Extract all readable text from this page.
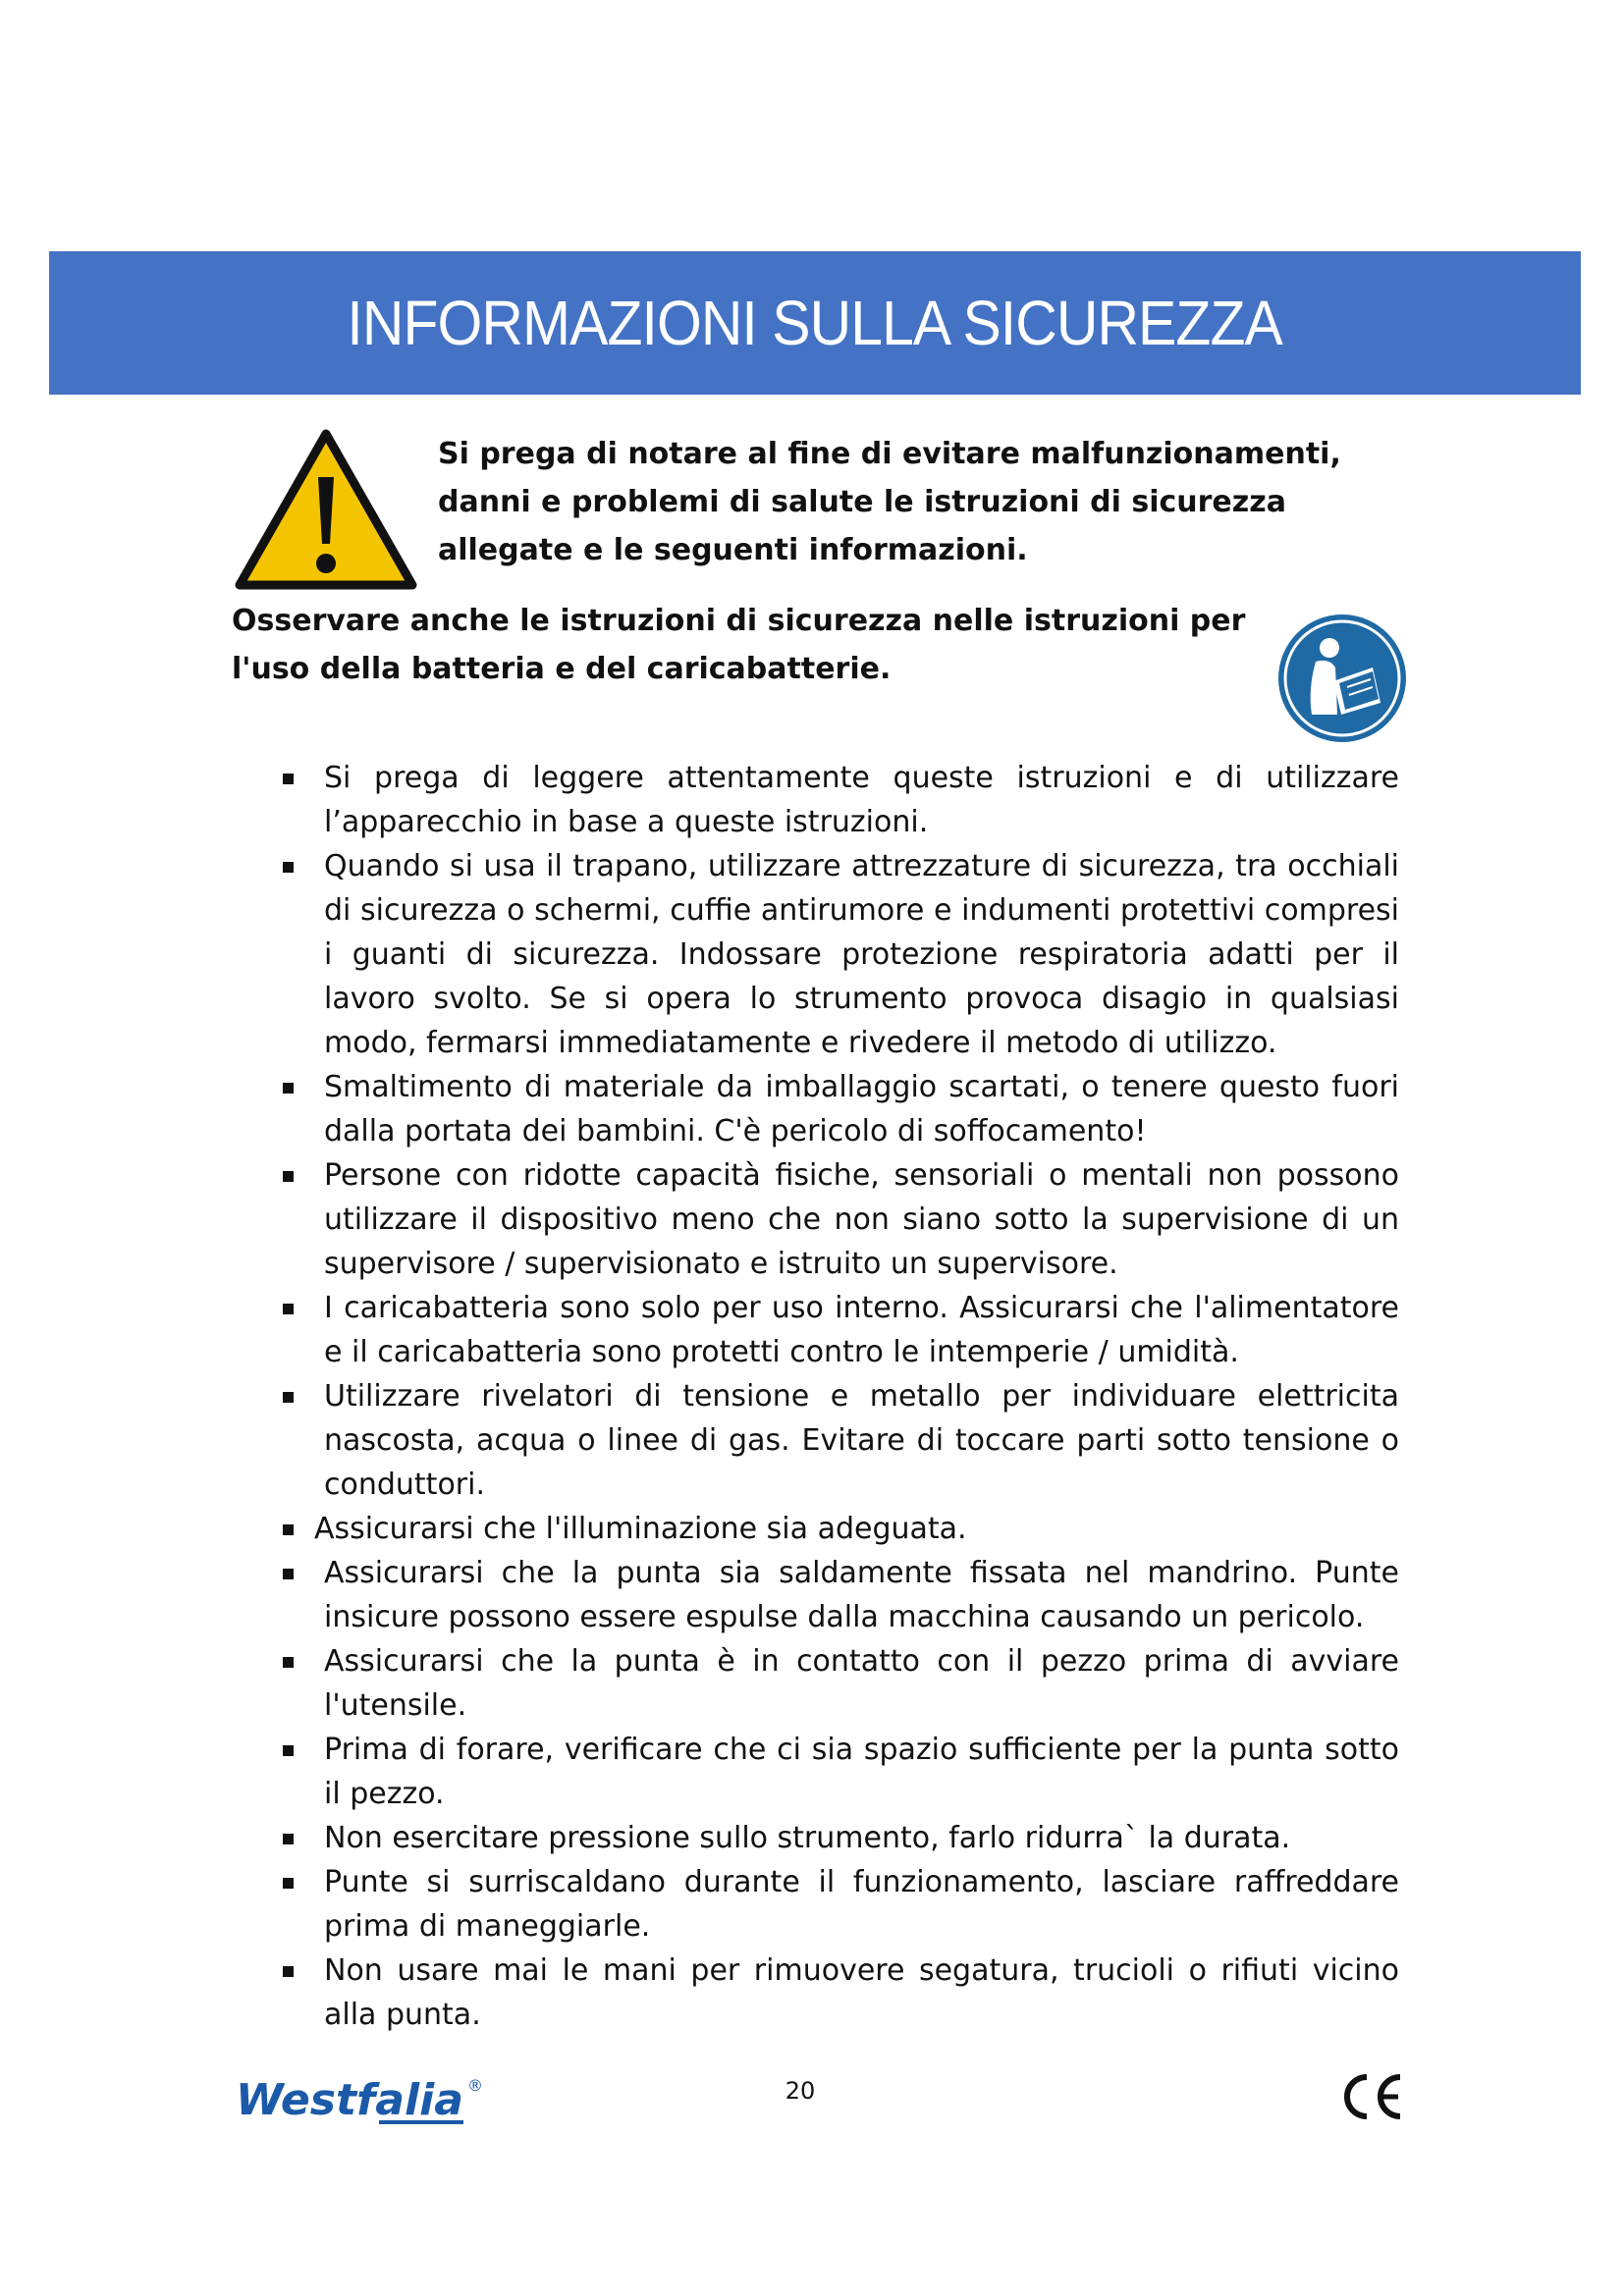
INFORMAZIONI SULLA SICUREZZA

Si prega di notare al fine di evitare malfunzionamenti, danni e problemi di salute le istruzioni di sicurezza allegate e le seguenti informazioni.

Osservare anche le istruzioni di sicurezza nelle istruzioni per l'uso della batteria e del caricabatterie.

Si prega di leggere attentamente queste istruzioni e di utilizzare l’apparecchio in base a queste istruzioni.
Quando si usa il trapano, utilizzare attrezzature di sicurezza, tra occhiali di sicurezza o schermi, cuffie antirumore e indumenti protettivi compresi i guanti di sicurezza. Indossare protezione respiratoria adatti per il lavoro svolto. Se si opera lo strumento provoca disagio in qualsiasi modo, fermarsi immediatamente e rivedere il metodo di utilizzo.
Smaltimento di materiale da imballaggio scartati, o tenere questo fuori dalla portata dei bambini. C'è pericolo di soffocamento!
Persone con ridotte capacità fisiche, sensoriali o mentali non possono utilizzare il dispositivo meno che non siano sotto la supervisione di un supervisore / supervisionato e istruito un supervisore.
I caricabatteria sono solo per uso interno. Assicurarsi che l'alimentatore e il caricabatteria sono protetti contro le intemperie / umidità.
Utilizzare rivelatori di tensione e metallo per individuare elettricita nascosta, acqua o linee di gas. Evitare di toccare parti sotto tensione o conduttori.
Assicurarsi che l'illuminazione sia adeguata.
Assicurarsi che la punta sia saldamente fissata nel mandrino. Punte insicure possono essere espulse dalla macchina causando un pericolo.
Assicurarsi che la punta è in contatto con il pezzo prima di avviare l'utensile.
Prima di forare, verificare che ci sia spazio sufficiente per la punta sotto il pezzo.
Non esercitare pressione sullo strumento, farlo ridurra` la durata.
Punte si surriscaldano durante il funzionamento, lasciare raffreddare prima di maneggiarle.
Non usare mai le mani per rimuovere segatura, trucioli o rifiuti vicino alla punta.
Westfalia ®	20
